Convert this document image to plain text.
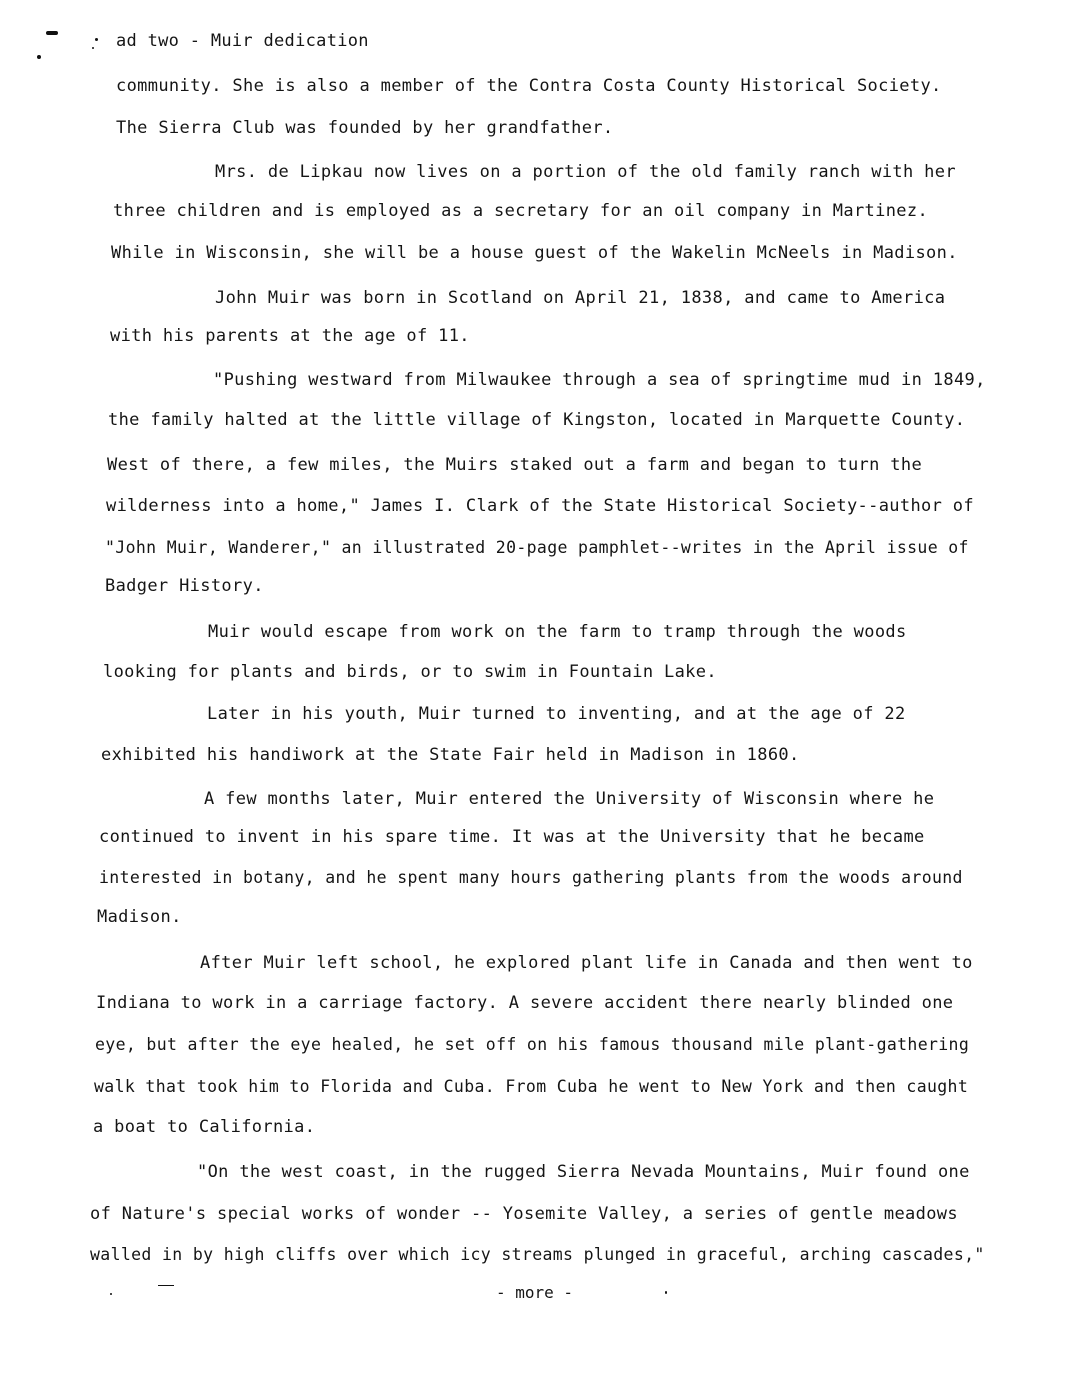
ad two - Muir dedication
community. She is also a member of the Contra Costa County Historical Society.
The Sierra Club was founded by her grandfather.
Mrs. de Lipkau now lives on a portion of the old family ranch with her
three children and is employed as a secretary for an oil company in Martinez.
While in Wisconsin, she will be a house guest of the Wakelin McNeels in Madison.
John Muir was born in Scotland on April 21, 1838, and came to America
with his parents at the age of 11.
"Pushing westward from Milwaukee through a sea of springtime mud in 1849,
the family halted at the little village of Kingston, located in Marquette County.
West of there, a few miles, the Muirs staked out a farm and began to turn the
wilderness into a home," James I. Clark of the State Historical Society--author of
"John Muir, Wanderer," an illustrated 20-page pamphlet--writes in the April issue of
Badger History.
Muir would escape from work on the farm to tramp through the woods
looking for plants and birds, or to swim in Fountain Lake.
Later in his youth, Muir turned to inventing, and at the age of 22
exhibited his handiwork at the State Fair held in Madison in 1860.
A few months later, Muir entered the University of Wisconsin where he
continued to invent in his spare time. It was at the University that he became
interested in botany, and he spent many hours gathering plants from the woods around
Madison.
After Muir left school, he explored plant life in Canada and then went to
Indiana to work in a carriage factory. A severe accident there nearly blinded one
eye, but after the eye healed, he set off on his famous thousand mile plant-gathering
walk that took him to Florida and Cuba. From Cuba he went to New York and then caught
a boat to California.
"On the west coast, in the rugged Sierra Nevada Mountains, Muir found one
of Nature's special works of wonder -- Yosemite Valley, a series of gentle meadows
walled in by high cliffs over which icy streams plunged in graceful, arching cascades,"
- more -
